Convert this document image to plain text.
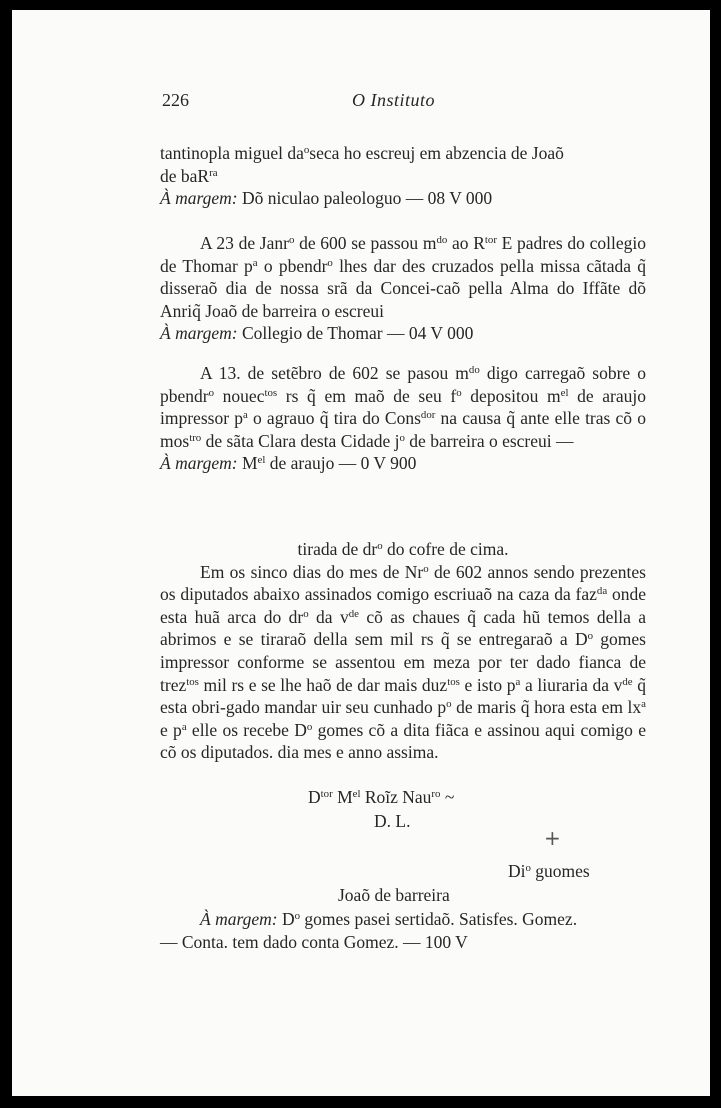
226	O Instituto

tantinopla miguel $da^o\sec a$ ho escreuj em abzencia de Joaõ
de baR$^{ra}$

À margem: Dõ niculao paleologuo — 08 V 000

A 23 de Janr$^o$ de 600 se passou $m^{do}$ ao $R^{tor}$ E padres do collegio de Thomar $p^a$ o pbendr$^o$ lhes dar des cruzados pella missa cãtada q̃ disseraõ dia de nossa srã da Concei-caõ pella Alma do Iffãte dõ Anriq̃ Joaõ de barreira o escreui

À margem: Collegio de Thomar — 04 V 000

A 13. de setẽbro de 602 se pasou $m^{do}$ digo carregaõ sobre o pbendr$^o$ nouec$^{tos}$ rs q̃ em maõ de seu $f^o$ depositou $m^{el}$ de araujo impressor $p^a$ o agrauo q̃ tira do Cons$^{dor}$ na causa q̃ ante elle tras cõ o mos$^{tro}$ de sãta Clara desta Cidade $j^o$ de barreira o escreui —

À margem: $M^{el}$ de araujo — 0 V 900

tirada de $dr^o$ do cofre de cima.

Em os sinco dias do mes de Nr$^o$ de 602 annos sendo prezentes os diputados abaixo assinados comigo escriuaõ na caza da faz$^{da}$ onde esta huã arca do $dr^o$ da $v^{de}$ cõ as chaues q̃ cada hũ temos della a abrimos e se tiraraõ della sem mil rs q̃ se entregaraõ a $D^o$ gomes impressor conforme se assentou em meza por ter dado fianca de trez$^{tos}$ mil rs e se lhe haõ de dar mais duz$^{tos}$ e isto $p^a$ a liuraria da $v^{de}$ q̃ esta obri-gado mandar uir seu cunhado $p^o$ de maris q̃ hora esta em $lx^a$ e $p^a$ elle os recebe $D^o$ gomes cõ a dita fiãca e assinou aqui comigo e cõ os diputados. dia mes e anno assima.

$D^{tor}$ $M^{el}$ Roĩz Nau$^{ro}$ ~
D. L.
+
$Di^o$ guomes
Joaõ de barreira

À margem: $D^o$ gomes pasei sertidaõ. Satisfes. Gomez.

— Conta. tem dado conta Gomez. — 100 V
